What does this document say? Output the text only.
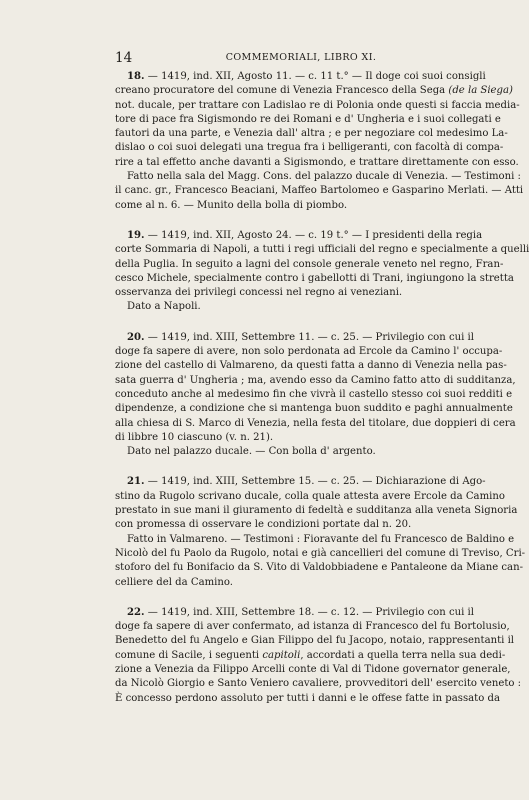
14	COMMEMORIALI, LIBRO XI.
18. — 1419, ind. XII, Agosto 11. — c. 11 t.° — Il doge coi suoi consigli
creano procuratore del comune di Venezia Francesco della Sega (de la Siega)
not. ducale, per trattare con Ladislao re di Polonia onde questi si faccia media-
tore di pace fra Sigismondo re dei Romani e d' Ungheria e i suoi collegati e
fautori da una parte, e Venezia dall' altra ; e per negoziare col medesimo La-
dislao o coi suoi delegati una tregua fra i belligeranti, con facoltà di compa-
rire a tal effetto anche davanti a Sigismondo, e trattare direttamente con esso.
Fatto nella sala del Magg. Cons. del palazzo ducale di Venezia. — Testimoni :
il canc. gr., Francesco Beaciani, Maffeo Bartolomeo e Gasparino Merlati. — Atti
come al n. 6. — Munito della bolla di piombo.
19. — 1419, ind. XII, Agosto 24. — c. 19 t.° — I presidenti della regia
corte Sommaria di Napoli, a tutti i regi ufficiali del regno e specialmente a quelli
della Puglia. In seguito a lagni del console generale veneto nel regno, Fran-
cesco Michele, specialmente contro i gabellotti di Trani, ingiungono la stretta
osservanza dei privilegi concessi nel regno ai veneziani.
Dato a Napoli.
20. — 1419, ind. XIII, Settembre 11. — c. 25. — Privilegio con cui il
doge fa sapere di avere, non solo perdonata ad Ercole da Camino l' occupa-
zione del castello di Valmareno, da questi fatta a danno di Venezia nella pas-
sata guerra d' Ungheria ; ma, avendo esso da Camino fatto atto di sudditanza,
conceduto anche al medesimo fin che vivrà il castello stesso coi suoi redditi e
dipendenze, a condizione che si mantenga buon suddito e paghi annualmente
alla chiesa di S. Marco di Venezia, nella festa del titolare, due doppieri di cera
di libbre 10 ciascuno (v. n. 21).
Dato nel palazzo ducale. — Con bolla d' argento.
21. — 1419, ind. XIII, Settembre 15. — c. 25. — Dichiarazione di Ago-
stino da Rugolo scrivano ducale, colla quale attesta avere Ercole da Camino
prestato in sue mani il giuramento di fedeltà e sudditanza alla veneta Signoria
con promessa di osservare le condizioni portate dal n. 20.
Fatto in Valmareno. — Testimoni : Fioravante del fu Francesco de Baldino e
Nicolò del fu Paolo da Rugolo, notai e già cancellieri del comune di Treviso, Cri-
stoforo del fu Bonifacio da S. Vito di Valdobbiadene e Pantaleone da Miane can-
celliere del da Camino.
22. — 1419, ind. XIII, Settembre 18. — c. 12. — Privilegio con cui il
doge fa sapere di aver confermato, ad istanza di Francesco del fu Bortolusio,
Benedetto del fu Angelo e Gian Filippo del fu Jacopo, notaio, rappresentanti il
comune di Sacile, i seguenti capitoli, accordati a quella terra nella sua dedi-
zione a Venezia da Filippo Arcelli conte di Val di Tidone governator generale,
da Nicolò Giorgio e Santo Veniero cavaliere, provveditori dell' esercito veneto :
È concesso perdono assoluto per tutti i danni e le offese fatte in passato da
